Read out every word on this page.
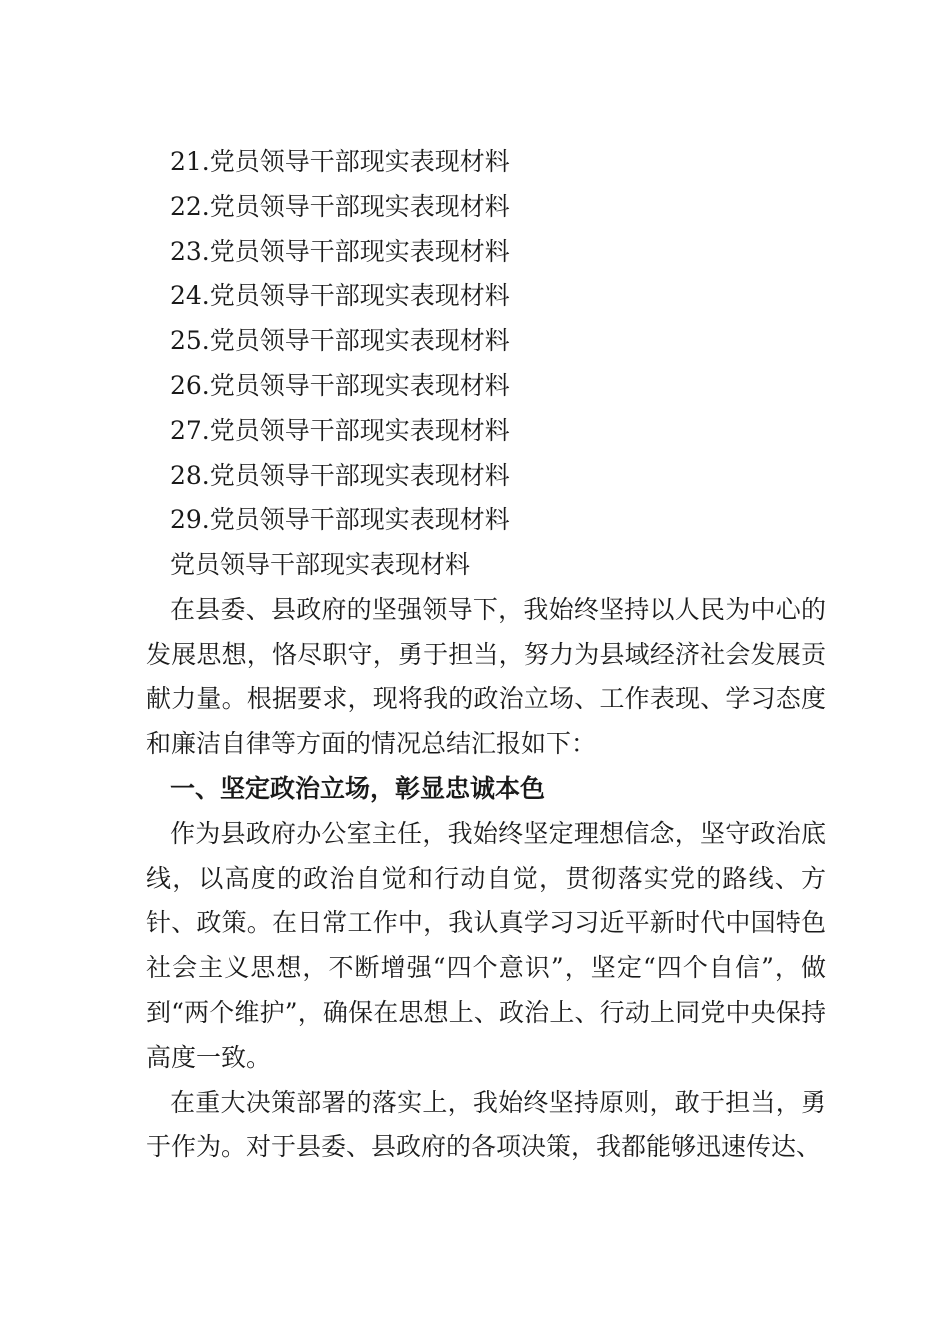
21.党员领导干部现实表现材料
22.党员领导干部现实表现材料
23.党员领导干部现实表现材料
24.党员领导干部现实表现材料
25.党员领导干部现实表现材料
26.党员领导干部现实表现材料
27.党员领导干部现实表现材料
28.党员领导干部现实表现材料
29.党员领导干部现实表现材料
党员领导干部现实表现材料

在县委、县政府的坚强领导下，我始终坚持以人民为中心的发展思想，恪尽职守，勇于担当，努力为县域经济社会发展贡献力量。根据要求，现将我的政治立场、工作表现、学习态度和廉洁自律等方面的情况总结汇报如下：

一、坚定政治立场，彰显忠诚本色

作为县政府办公室主任，我始终坚定理想信念，坚守政治底线，以高度的政治自觉和行动自觉，贯彻落实党的路线、方针、政策。在日常工作中，我认真学习习近平新时代中国特色社会主义思想，不断增强“四个意识”，坚定“四个自信”，做到“两个维护”，确保在思想上、政治上、行动上同党中央保持高度一致。

在重大决策部署的落实上，我始终坚持原则，敢于担当，勇于作为。对于县委、县政府的各项决策，我都能够迅速传达、
